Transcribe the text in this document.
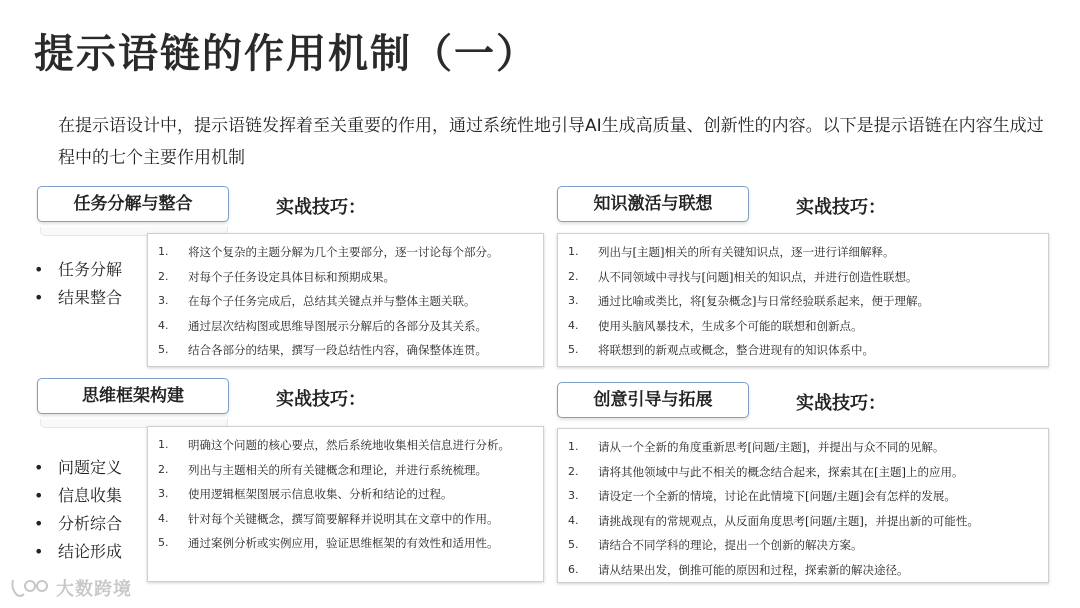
提示语链的作用机制（一）
在提示语设计中，提示语链发挥着至关重要的作用，通过系统性地引导AI生成高质量、创新性的内容。以下是提示语链在内容生成过程中的七个主要作用机制
任务分解与整合	实战技巧：
• 任务分解
• 结果整合
1. 将这个复杂的主题分解为几个主要部分，逐一讨论每个部分。
2. 对每个子任务设定具体目标和预期成果。
3. 在每个子任务完成后，总结其关键点并与整体主题关联。
4. 通过层次结构图或思维导图展示分解后的各部分及其关系。
5. 结合各部分的结果，撰写一段总结性内容，确保整体连贯。
知识激活与联想	实战技巧：
1. 列出与[主题]相关的所有关键知识点，逐一进行详细解释。
2. 从不同领域中寻找与[问题]相关的知识点，并进行创造性联想。
3. 通过比喻或类比，将[复杂概念]与日常经验联系起来，便于理解。
4. 使用头脑风暴技术，生成多个可能的联想和创新点。
5. 将联想到的新观点或概念，整合进现有的知识体系中。
思维框架构建	实战技巧：
• 问题定义
• 信息收集
• 分析综合
• 结论形成
1. 明确这个问题的核心要点，然后系统地收集相关信息进行分析。
2. 列出与主题相关的所有关键概念和理论，并进行系统梳理。
3. 使用逻辑框架图展示信息收集、分析和结论的过程。
4. 针对每个关键概念，撰写简要解释并说明其在文章中的作用。
5. 通过案例分析或实例应用，验证思维框架的有效性和适用性。
创意引导与拓展	实战技巧：
1. 请从一个全新的角度重新思考[问题/主题]，并提出与众不同的见解。
2. 请将其他领域中与此不相关的概念结合起来，探索其在[主题]上的应用。
3. 请设定一个全新的情境，讨论在此情境下[问题/主题]会有怎样的发展。
4. 请挑战现有的常规观点，从反面角度思考[问题/主题]，并提出新的可能性。
5. 请结合不同学科的理论，提出一个创新的解决方案。
6. 请从结果出发，倒推可能的原因和过程，探索新的解决途径。
大数跨境
